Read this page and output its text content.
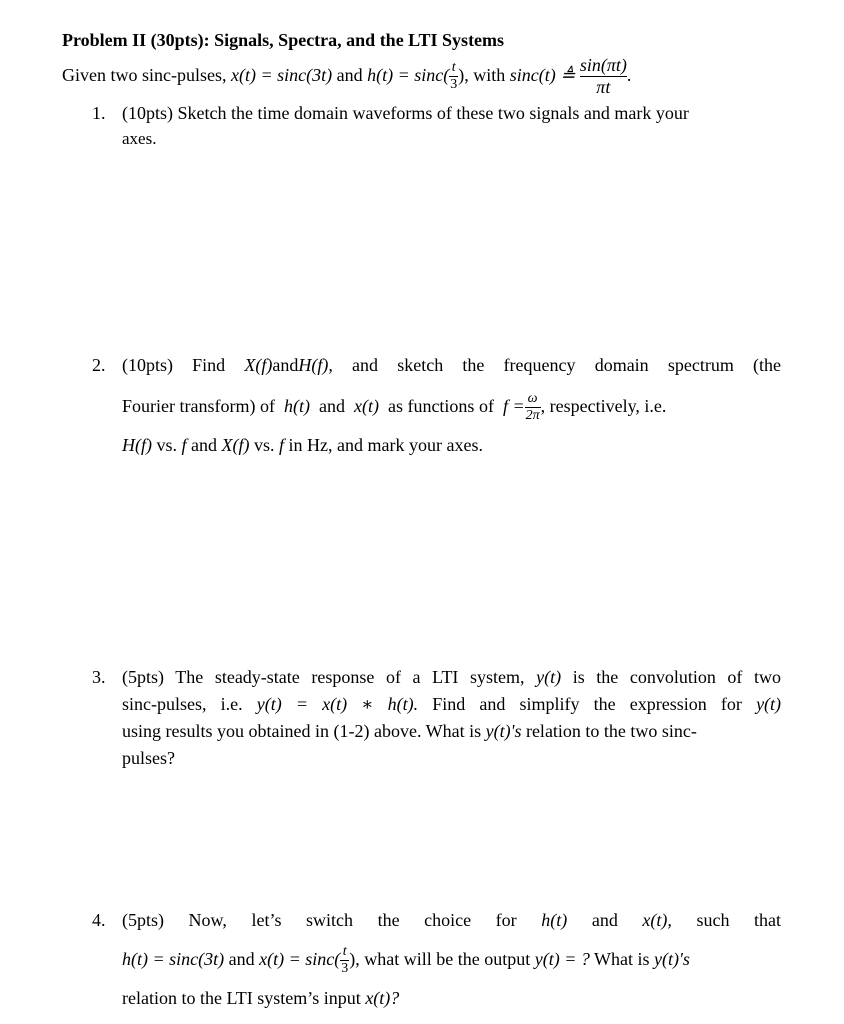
Problem II (30pts): Signals, Spectra, and the LTI Systems
Given two sinc-pulses, x(t) = sinc(3t) and $h(t) = \sin c( \frac{t}{3}$ ), with sinc(t) ≜ $\frac{\sin(\pi t)}{\pi t}$ .
1. (10pts) Sketch the time domain waveforms of these two signals and mark your
axes.
2. (10pts) Find X(f)andH(f), and sketch the frequency domain spectrum (the
Fourier transform) of h(t) and x(t) as functions of $f = \frac{\omega}{2\pi}$ , respectively, i.e.
H(f) vs. f and X(f) vs. f in Hz, and mark your axes.
3. (5pts) The steady-state response of a LTI system, y(t) is the convolution of two
sinc-pulses, i.e. y(t) = x(t) ∗ h(t). Find and simplify the expression for y(t)
using results you obtained in (1-2) above. What is y(t)'s relation to the two sinc-
pulses?
4. (5pts) Now, let’s switch the choice for h(t) and x(t), such that
h(t) = sinc(3t) and $x(t) = \sin c( \frac{t}{3}$ ), what will be the output y(t) = ? What is y(t)'s
relation to the LTI system’s input x(t)?
